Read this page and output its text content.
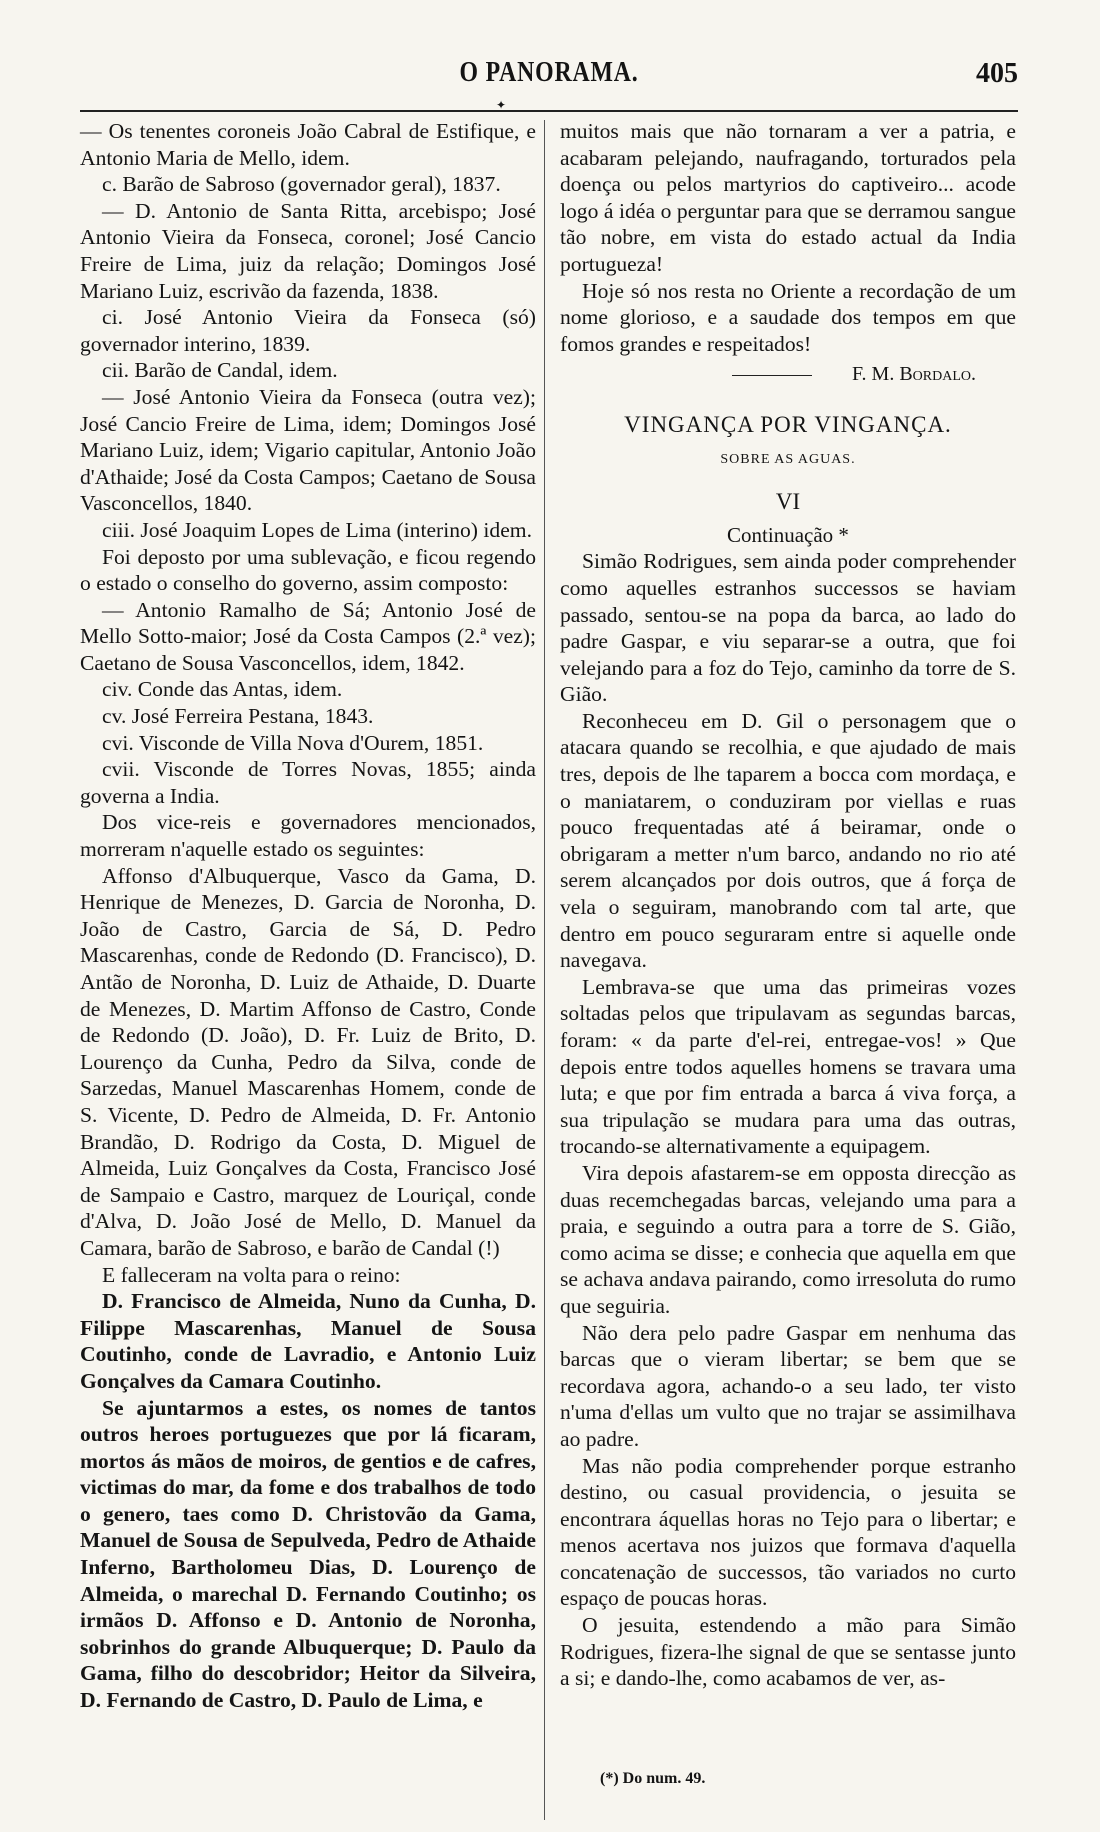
O PANORAMA.	405
✦

— Os tenentes coroneis João Cabral de Estifique, e Antonio Maria de Mello, idem.

c. Barão de Sabroso (governador geral), 1837.

— D. Antonio de Santa Ritta, arcebispo; José Antonio Vieira da Fonseca, coronel; José Cancio Freire de Lima, juiz da relação; Domingos José Mariano Luiz, escrivão da fazenda, 1838.

ci. José Antonio Vieira da Fonseca (só) governador interino, 1839.

cii. Barão de Candal, idem.

— José Antonio Vieira da Fonseca (outra vez); José Cancio Freire de Lima, idem; Domingos José Mariano Luiz, idem; Vigario capitular, Antonio João d'Athaide; José da Costa Campos; Caetano de Sousa Vasconcellos, 1840.

ciii. José Joaquim Lopes de Lima (interino) idem.

Foi deposto por uma sublevação, e ficou regendo o estado o conselho do governo, assim composto:

— Antonio Ramalho de Sá; Antonio José de Mello Sotto-maior; José da Costa Campos (2.ª vez); Caetano de Sousa Vasconcellos, idem, 1842.

civ. Conde das Antas, idem.

cv. José Ferreira Pestana, 1843.

cvi. Visconde de Villa Nova d'Ourem, 1851.

cvii. Visconde de Torres Novas, 1855; ainda governa a India.

Dos vice-reis e governadores mencionados, morreram n'aquelle estado os seguintes:

Affonso d'Albuquerque, Vasco da Gama, D. Henrique de Menezes, D. Garcia de Noronha, D. João de Castro, Garcia de Sá, D. Pedro Mascarenhas, conde de Redondo (D. Francisco), D. Antão de Noronha, D. Luiz de Athaide, D. Duarte de Menezes, D. Martim Affonso de Castro, Conde de Redondo (D. João), D. Fr. Luiz de Brito, D. Lourenço da Cunha, Pedro da Silva, conde de Sarzedas, Manuel Mascarenhas Homem, conde de S. Vicente, D. Pedro de Almeida, D. Fr. Antonio Brandão, D. Rodrigo da Costa, D. Miguel de Almeida, Luiz Gonçalves da Costa, Francisco José de Sampaio e Castro, marquez de Louriçal, conde d'Alva, D. João José de Mello, D. Manuel da Camara, barão de Sabroso, e barão de Candal (!)

E falleceram na volta para o reino:

D. Francisco de Almeida, Nuno da Cunha, D. Filippe Mascarenhas, Manuel de Sousa Coutinho, conde de Lavradio, e Antonio Luiz Gonçalves da Camara Coutinho.

Se ajuntarmos a estes, os nomes de tantos outros heroes portuguezes que por lá ficaram, mortos ás mãos de moiros, de gentios e de cafres, victimas do mar, da fome e dos trabalhos de todo o genero, taes como D. Christovão da Gama, Manuel de Sousa de Sepulveda, Pedro de Athaide Inferno, Bartholomeu Dias, D. Lourenço de Almeida, o marechal D. Fernando Coutinho; os irmãos D. Affonso e D. Antonio de Noronha, sobrinhos do grande Albuquerque; D. Paulo da Gama, filho do descobridor; Heitor da Silveira, D. Fernando de Castro, D. Paulo de Lima, e

muitos mais que não tornaram a ver a patria, e acabaram pelejando, naufragando, torturados pela doença ou pelos martyrios do captiveiro... acode logo á idéa o perguntar para que se derramou sangue tão nobre, em vista do estado actual da India portugueza!

Hoje só nos resta no Oriente a recordação de um nome glorioso, e a saudade dos tempos em que fomos grandes e respeitados!

F. M. Bordalo.

VINGANÇA POR VINGANÇA.

SOBRE AS AGUAS.

VI

Continuação *

Simão Rodrigues, sem ainda poder comprehender como aquelles estranhos successos se haviam passado, sentou-se na popa da barca, ao lado do padre Gaspar, e viu separar-se a outra, que foi velejando para a foz do Tejo, caminho da torre de S. Gião.

Reconheceu em D. Gil o personagem que o atacara quando se recolhia, e que ajudado de mais tres, depois de lhe taparem a bocca com mordaça, e o maniatarem, o conduziram por viellas e ruas pouco frequentadas até á beiramar, onde o obrigaram a metter n'um barco, andando no rio até serem alcançados por dois outros, que á força de vela o seguiram, manobrando com tal arte, que dentro em pouco seguraram entre si aquelle onde navegava.

Lembrava-se que uma das primeiras vozes soltadas pelos que tripulavam as segundas barcas, foram: « da parte d'el-rei, entregae-vos! » Que depois entre todos aquelles homens se travara uma luta; e que por fim entrada a barca á viva força, a sua tripulação se mudara para uma das outras, trocando-se alternativamente a equipagem.

Vira depois afastarem-se em opposta direcção as duas recemchegadas barcas, velejando uma para a praia, e seguindo a outra para a torre de S. Gião, como acima se disse; e conhecia que aquella em que se achava andava pairando, como irresoluta do rumo que seguiria.

Não dera pelo padre Gaspar em nenhuma das barcas que o vieram libertar; se bem que se recordava agora, achando-o a seu lado, ter visto n'uma d'ellas um vulto que no trajar se assimilhava ao padre.

Mas não podia comprehender porque estranho destino, ou casual providencia, o jesuita se encontrara áquellas horas no Tejo para o libertar; e menos acertava nos juizos que formava d'aquella concatenação de successos, tão variados no curto espaço de poucas horas.

O jesuita, estendendo a mão para Simão Rodrigues, fizera-lhe signal de que se sentasse junto a si; e dando-lhe, como acabamos de ver, as-

(*) Do num. 49.
